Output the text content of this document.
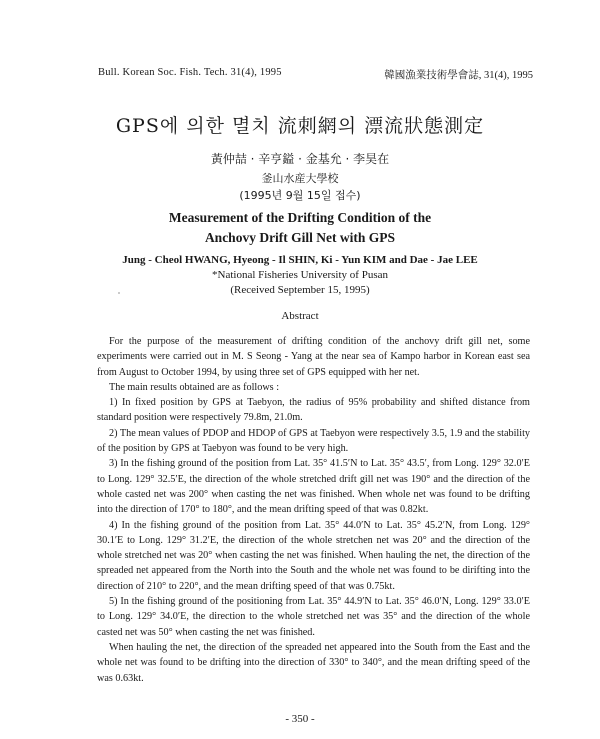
Bull. Korean Soc. Fish. Tech. 31(4), 1995	韓國漁業技術學會誌, 31(4), 1995
GPS에 의한 멸치 流刺網의 漂流狀態測定
黃仲喆 · 辛亨鎰 · 金基允 · 李昊在
釜山水産大學校
(1995년 9월 15일 접수)
Measurement of the Drifting Condition of the
Anchovy Drift Gill Net with GPS
Jung - Cheol HWANG, Hyeong - Il SHIN, Ki - Yun KIM and Dae - Jae LEE
*National Fisheries University of Pusan
(Received September 15, 1995)
Abstract

For the purpose of the measurement of drifting condition of the anchovy drift gill net, some experiments were carried out in M. S Seong - Yang at the near sea of Kampo harbor in Korean east sea from August to October 1994, by using three set of GPS equipped with her net.

The main results obtained are as follows :

1) In fixed position by GPS at Taebyon, the radius of 95% probability and shifted distance from standard position were respectively 79.8m, 21.0m.

2) The mean values of PDOP and HDOP of GPS at Taebyon were respectively 3.5, 1.9 and the stability of the position by GPS at Taebyon was found to be very high.

3) In the fishing ground of the position from Lat. 35° 41.5′N to Lat. 35° 43.5′, from Long. 129° 32.0′E to Long. 129° 32.5′E, the direction of the whole stretched drift gill net was 190° and the direction of the whole casted net was 200° when casting the net was finished. When whole net was found to be drifting into the direction of 170° to 180°, and the mean drifting speed of that was 0.82kt.

4) In the fishing ground of the position from Lat. 35° 44.0′N to Lat. 35° 45.2′N, from Long. 129° 30.1′E to Long. 129° 31.2′E, the direction of the whole stretchen net was 20° and the direction of the whole stretched net was 20° when casting the net was finished. When hauling the net, the direction of the spreaded net appeared from the North into the South and the whole net was found to be dirifting into the direction of 210° to 220°, and the mean drifting speed of that was 0.75kt.

5) In the fishing ground of the positioning from Lat. 35° 44.9′N to Lat. 35° 46.0′N, Long. 129° 33.0′E to Long. 129° 34.0′E, the direction to the whole stretched net was 35° and the direction of the whole casted net was 50° when casting the net was finished.

When hauling the net, the direction of the spreaded net appeared into the South from the East and the whole net was found to be drifting into the direction of 330° to 340°, and the mean drifting speed of the was 0.63kt.

- 350 -
